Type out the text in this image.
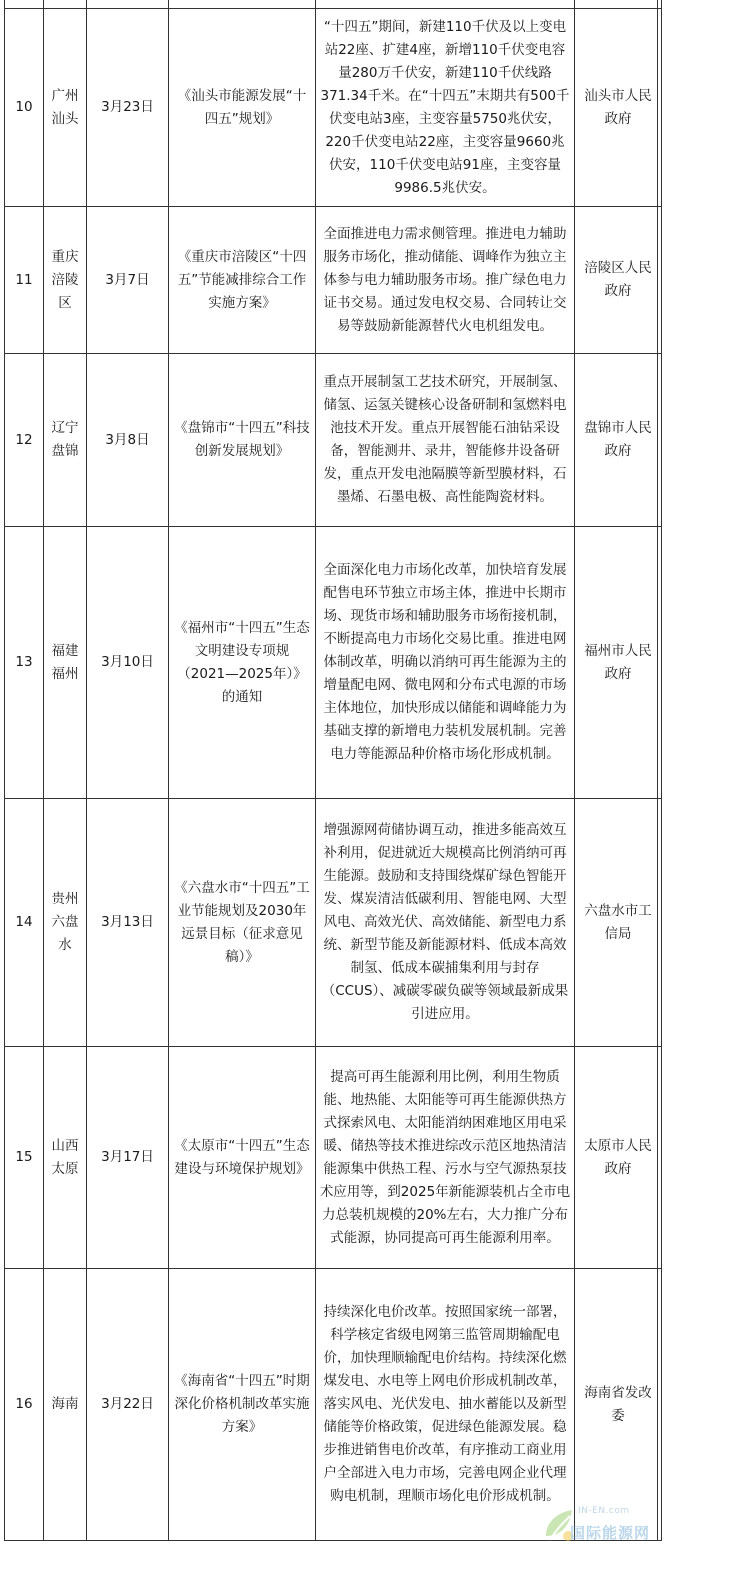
10	广州汕头	3月23日	《汕头市能源发展“十四五”规划》	“十四五”期间，新建110千伏及以上变电站22座、扩建4座，新增110千伏变电容量280万千伏安，新建110千伏线路371.34千米。在“十四五”末期共有500千伏变电站3座，主变容量5750兆伏安，220千伏变电站22座，主变容量9660兆伏安，110千伏变电站91座，主变容量9986.5兆伏安。	汕头市人民政府
11	重庆涪陵区	3月7日	《重庆市涪陵区“十四五”节能减排综合工作实施方案》	全面推进电力需求侧管理。推进电力辅助服务市场化，推动储能、调峰作为独立主体参与电力辅助服务市场。推广绿色电力证书交易。通过发电权交易、合同转让交易等鼓励新能源替代火电机组发电。	涪陵区人民政府
12	辽宁盘锦	3月8日	《盘锦市“十四五”科技创新发展规划》	重点开展制氢工艺技术研究，开展制氢、储氢、运氢关键核心设备研制和氢燃料电池技术开发。重点开展智能石油钻采设备，智能测井、录井，智能修井设备研发，重点开发电池隔膜等新型膜材料，石墨烯、石墨电极、高性能陶瓷材料。	盘锦市人民政府
13	福建福州	3月10日	《福州市“十四五”生态文明建设专项规（2021—2025年）》的通知	全面深化电力市场化改革，加快培育发展配售电环节独立市场主体，推进中长期市场、现货市场和辅助服务市场衔接机制，不断提高电力市场化交易比重。推进电网体制改革，明确以消纳可再生能源为主的增量配电网、微电网和分布式电源的市场主体地位，加快形成以储能和调峰能力为基础支撑的新增电力装机发展机制。完善电力等能源品种价格市场化形成机制。	福州市人民政府
14	贵州六盘水	3月13日	《六盘水市“十四五”工业节能规划及2030年远景目标（征求意见稿）》	增强源网荷储协调互动，推进多能高效互补利用，促进就近大规模高比例消纳可再生能源。鼓励和支持围绕煤矿绿色智能开发、煤炭清洁低碳利用、智能电网、大型风电、高效光伏、高效储能、新型电力系统、新型节能及新能源材料、低成本高效制氢、低成本碳捕集利用与封存（CCUS）、减碳零碳负碳等领域最新成果引进应用。	六盘水市工信局
15	山西太原	3月17日	《太原市“十四五”生态建设与环境保护规划》	提高可再生能源利用比例，利用生物质能、地热能、太阳能等可再生能源供热方式探索风电、太阳能消纳困难地区用电采暖、储热等技术推进综改示范区地热清洁能源集中供热工程、污水与空气源热泵技术应用等，到2025年新能源装机占全市电力总装机规模的20%左右，大力推广分布式能源，协同提高可再生能源利用率。	太原市人民政府
16	海南	3月22日	《海南省“十四五”时期深化价格机制改革实施方案》	持续深化电价改革。按照国家统一部署，科学核定省级电网第三监管周期输配电价，加快理顺输配电价结构。持续深化燃煤发电、水电等上网电价形成机制改革，落实风电、光伏发电、抽水蓄能以及新型储能等价格政策，促进绿色能源发展。稳步推进销售电价改革，有序推动工商业用户全部进入电力市场，完善电网企业代理购电机制，理顺市场化电价形成机制。	海南省发改委
IN-EN.com
国际能源网
